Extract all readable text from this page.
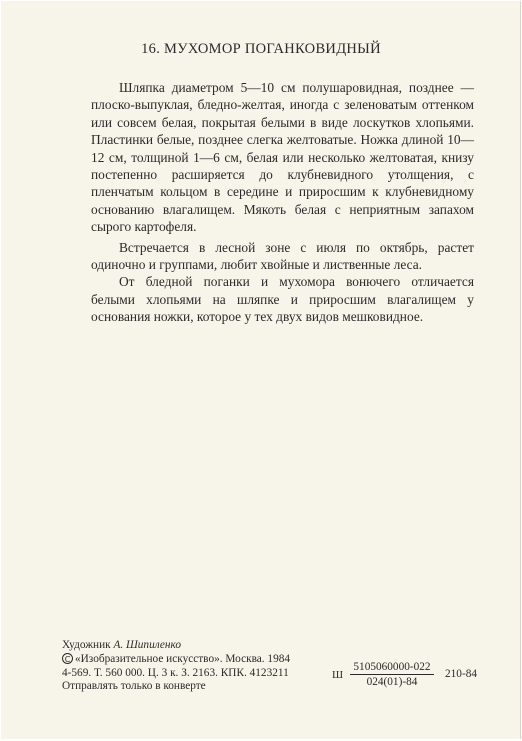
16. МУХОМОР ПОГАНКОВИДНЫЙ

Шляпка диаметром 5—10 см полушаровидная, позднее — плоско-выпуклая, бледно-желтая, иногда с зеленоватым оттенком или совсем белая, покрытая белыми в виде лоскутков хлопьями. Пластинки белые, позднее слегка желтоватые. Ножка длиной 10—12 см, толщиной 1—6 см, белая или несколько желтоватая, книзу постепенно расширяется до клубневидного утолщения, с пленчатым кольцом в середине и приросшим к клубневидному основанию влагалищем. Мякоть белая с неприятным запахом сырого картофеля.

Встречается в лесной зоне с июля по октябрь, растет одиночно и группами, любит хвойные и лиственные леса.

От бледной поганки и мухомора вонючего отличается белыми хлопьями на шляпке и приросшим влагалищем у основания ножки, которое у тех двух видов мешковидное.

Художник А. Шипиленко
C «Изобразительное искусство». Москва. 1984
4-569. Т. 560 000. Ц. 3 к. З. 2163. КПК. 4123211
Отправлять только в конверте
Ш $\frac{5105060000-022}{024(01)-84} 210-84$
